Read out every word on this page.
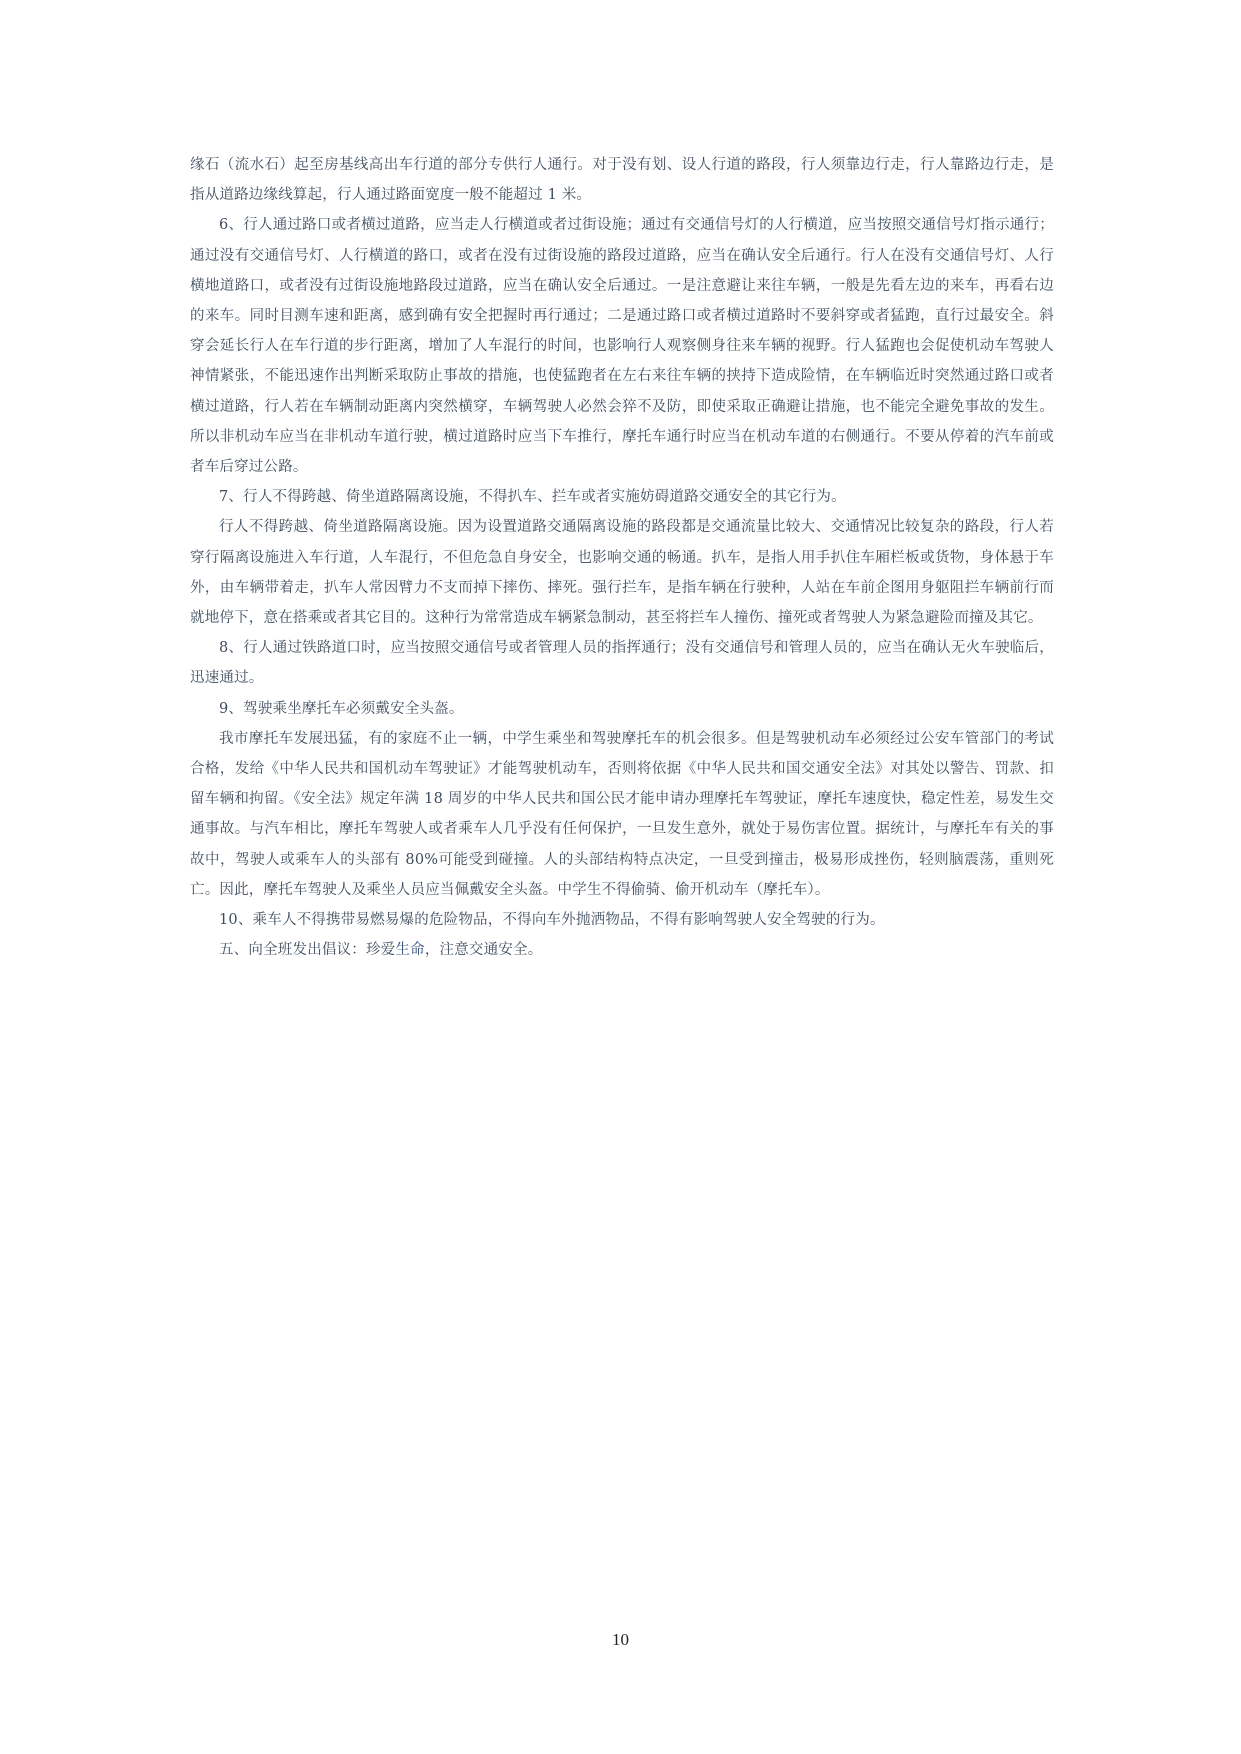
缘石（流水石）起至房基线高出车行道的部分专供行人通行。对于没有划、设人行道的路段，行人须靠边行走，行人靠路边行走，是指从道路边缘线算起，行人通过路面宽度一般不能超过 1 米。

6、行人通过路口或者横过道路，应当走人行横道或者过街设施；通过有交通信号灯的人行横道，应当按照交通信号灯指示通行；通过没有交通信号灯、人行横道的路口，或者在没有过街设施的路段过道路，应当在确认安全后通行。行人在没有交通信号灯、人行横地道路口，或者没有过街设施地路段过道路，应当在确认安全后通过。一是注意避让来往车辆，一般是先看左边的来车，再看右边的来车。同时目测车速和距离，感到确有安全把握时再行通过；二是通过路口或者横过道路时不要斜穿或者猛跑，直行过最安全。斜穿会延长行人在车行道的步行距离，增加了人车混行的时间，也影响行人观察侧身往来车辆的视野。行人猛跑也会促使机动车驾驶人神情紧张，不能迅速作出判断采取防止事故的措施，也使猛跑者在左右来往车辆的挟持下造成险情，在车辆临近时突然通过路口或者横过道路，行人若在车辆制动距离内突然横穿，车辆驾驶人必然会猝不及防，即使采取正确避让措施，也不能完全避免事故的发生。所以非机动车应当在非机动车道行驶，横过道路时应当下车推行，摩托车通行时应当在机动车道的右侧通行。不要从停着的汽车前或者车后穿过公路。

7、行人不得跨越、倚坐道路隔离设施，不得扒车、拦车或者实施妨碍道路交通安全的其它行为。

行人不得跨越、倚坐道路隔离设施。因为设置道路交通隔离设施的路段都是交通流量比较大、交通情况比较复杂的路段，行人若穿行隔离设施进入车行道，人车混行，不但危急自身安全，也影响交通的畅通。扒车，是指人用手扒住车厢栏板或货物，身体悬于车外，由车辆带着走，扒车人常因臂力不支而掉下摔伤、摔死。强行拦车，是指车辆在行驶种，人站在车前企图用身躯阻拦车辆前行而就地停下，意在搭乘或者其它目的。这种行为常常造成车辆紧急制动，甚至将拦车人撞伤、撞死或者驾驶人为紧急避险而撞及其它。

8、行人通过铁路道口时，应当按照交通信号或者管理人员的指挥通行；没有交通信号和管理人员的，应当在确认无火车驶临后，迅速通过。

9、驾驶乘坐摩托车必须戴安全头盔。

我市摩托车发展迅猛，有的家庭不止一辆，中学生乘坐和驾驶摩托车的机会很多。但是驾驶机动车必须经过公安车管部门的考试合格，发给《中华人民共和国机动车驾驶证》才能驾驶机动车，否则将依据《中华人民共和国交通安全法》对其处以警告、罚款、扣留车辆和拘留。《安全法》规定年满 18 周岁的中华人民共和国公民才能申请办理摩托车驾驶证，摩托车速度快，稳定性差，易发生交通事故。与汽车相比，摩托车驾驶人或者乘车人几乎没有任何保护，一旦发生意外，就处于易伤害位置。据统计，与摩托车有关的事故中，驾驶人或乘车人的头部有 80%可能受到碰撞。人的头部结构特点决定，一旦受到撞击，极易形成挫伤，轻则脑震荡，重则死亡。因此，摩托车驾驶人及乘坐人员应当佩戴安全头盔。中学生不得偷骑、偷开机动车（摩托车）。

10、乘车人不得携带易燃易爆的危险物品，不得向车外抛洒物品，不得有影响驾驶人安全驾驶的行为。

五、向全班发出倡议：珍爱生命，注意交通安全。

10
